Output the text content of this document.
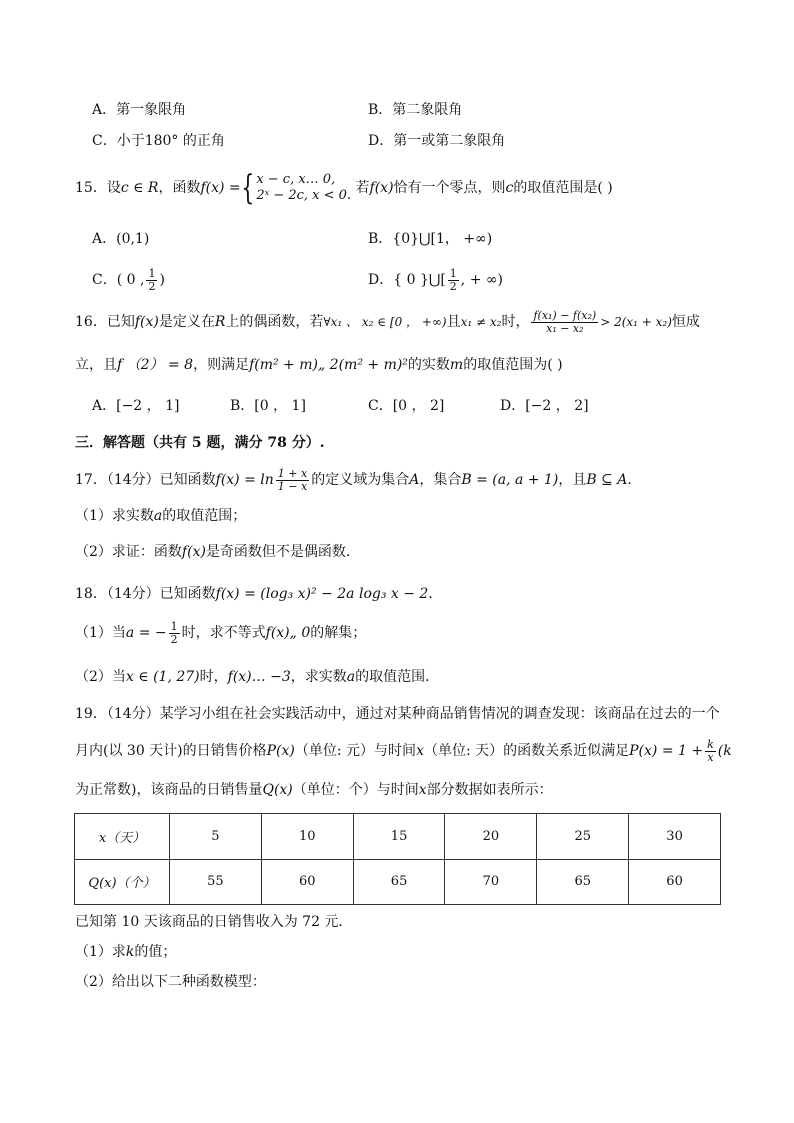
A．第一象限角	B．第二象限角
C．小于180° 的正角	D．第一或第二象限角
15．设c ∈ R，函数f(x) ={ x − c, x… 0,
2ˣ − 2c, x < 0. 若f(x)恰有一个零点，则c的取值范围是( )
A．(0,1)	B．{0}⋃[1， +∞)
C．( 0 , $\frac{1}{2}$ )	D．{ 0 }⋃[ $\frac{1}{2}$ , + ∞)
16．已知f(x)是定义在R上的偶函数，若∀x₁ 、 x₂ ∈ [0 ， +∞)且x₁ ≠ x₂时， $\frac{\text{f(x₁) − f(x₂)}}{\text{x₁ − x₂}} > 2(x_1 + x_2)$恒成
立，且f （2） = 8，则满足f(m² + m)„ 2(m² + m)²的实数m的取值范围为( )
A．[−2 ， 1]	B．[0 ， 1]	C．[0 ， 2]	D．[−2 ， 2]
三．解答题（共有 5 题，满分 78 分）.
17．（14分）已知函数$f(x) = \ln \frac{1 + x}{1 - x}$ 的定义域为集合A，集合B = (a, a + 1)，且B ⊆ A．
（1）求实数a的取值范围；
（2）求证：函数f(x)是奇函数但不是偶函数．
18．（14分）已知函数f(x) = (log₃ x)² − 2a log₃ x − 2．
（1）当a = − $\frac{1}{2}$ 时，求不等式f(x)„ 0的解集；
（2）当x ∈ (1, 27)时，f(x)… −3，求实数a的取值范围．
19．（14分）某学习小组在社会实践活动中，通过对某种商品销售情况的调查发现：该商品在过去的一个
月内(以 30 天计)的日销售价格P(x)（单位: 元）与时间x（单位: 天）的函数关系近似满足$P(x) = 1 + \frac{k}{x} (k$
为正常数)，该商品的日销售量Q(x)（单位：个）与时间x部分数据如表所示：
x（天）	5	10	15	20	25	30
Q(x)（个）	55	60	65	70	65	60
已知第 10 天该商品的日销售收入为 72 元．
（1）求k的值；
（2）给出以下二种函数模型：
